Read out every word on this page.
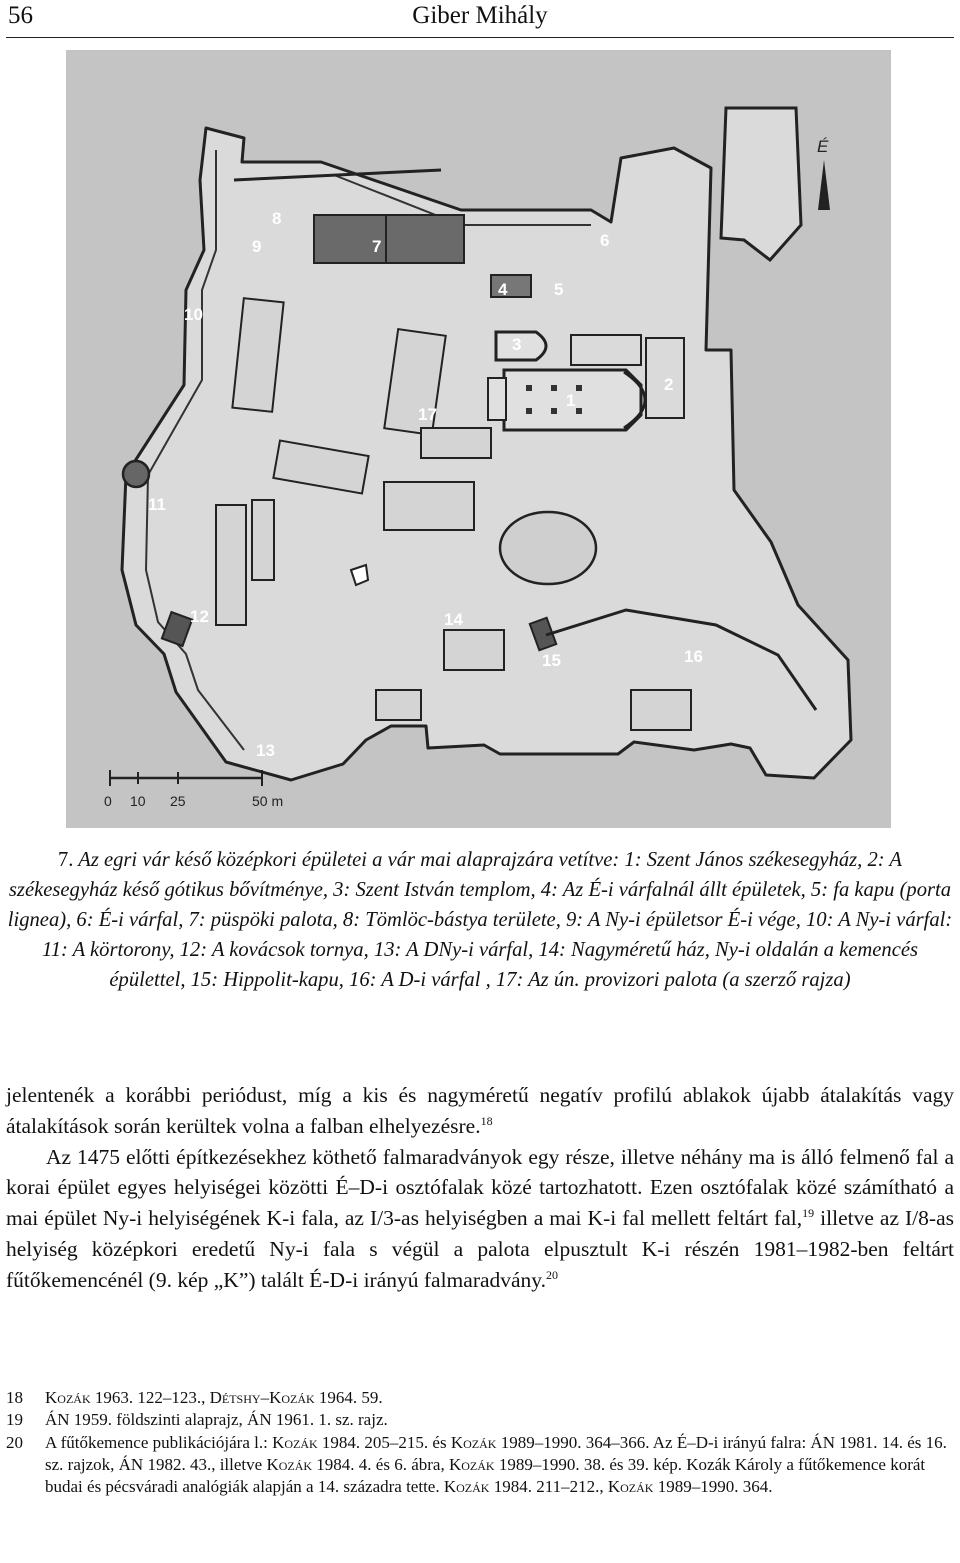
56	Giber Mihály
1
2
3
4	5
6
7
8
9
10
11
12
13
14
15	16
17
É
0 10 25	50 m
7. Az egri vár késő középkori épületei a vár mai alaprajzára vetítve: 1: Szent János székesegyház, 2: A székesegyház késő gótikus bővítménye, 3: Szent István templom, 4: Az É-i várfalnál állt épületek, 5: fa kapu (porta lignea), 6: É-i várfal, 7: püspöki palota, 8: Tömlöc-bástya területe, 9: A Ny-i épületsor É-i vége, 10: A Ny-i várfal: 11: A körtorony, 12: A kovácsok tornya, 13: A DNy-i várfal, 14: Nagyméretű ház, Ny-i oldalán a kemencés épülettel, 15: Hippolit-kapu, 16: A D-i várfal , 17: Az ún. provizori palota (a szerző rajza)

jelentenék a korábbi periódust, míg a kis és nagyméretű negatív profilú ablakok újabb átalakítás vagy átalakítások során kerültek volna a falban elhelyezésre.$^{18}$

Az 1475 előtti építkezésekhez köthető falmaradványok egy része, illetve néhány ma is álló felmenő fal a korai épület egyes helyiségei közötti É–D-i osztófalak közé tartozhatott. Ezen osztófalak közé számítható a mai épület Ny-i helyiségének K-i fala, az I/3-as helyiségben a mai K-i fal mellett feltárt fal,$^{19}$ illetve az I/8-as helyiség középkori eredetű Ny-i fala s végül a palota elpusztult K-i részén 1981–1982-ben feltárt fűtőkemencénél (9. kép „K”) talált É-D-i irányú falmaradvány.$^{20}$

18 Kozák 1963. 122–123., Détshy–Kozák 1964. 59.
19 ÁN 1959. földszinti alaprajz, ÁN 1961. 1. sz. rajz.
20 A fűtőkemence publikációjára l.: Kozák 1984. 205–215. és Kozák 1989–1990. 364–366. Az É–D-i irányú falra: ÁN 1981. 14. és 16. sz. rajzok, ÁN 1982. 43., illetve Kozák 1984. 4. és 6. ábra, Kozák 1989–1990. 38. és 39. kép. Kozák Károly a fűtőkemence korát budai és pécsváradi analógiák alapján a 14. századra tette. Kozák 1984. 211–212., Kozák 1989–1990. 364.
